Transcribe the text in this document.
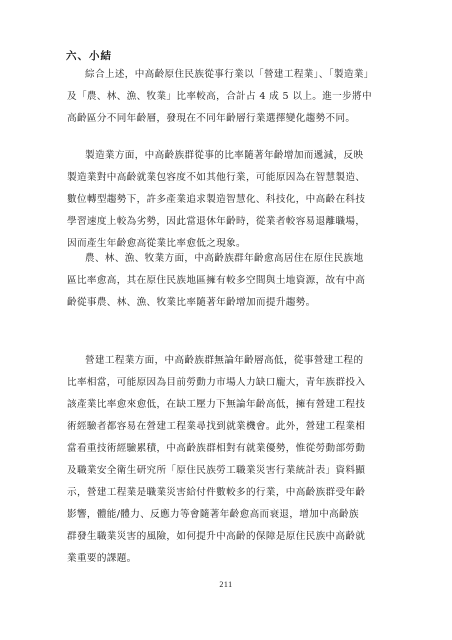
六、小結
綜合上述，中高齡原住民族從事行業以「營建工程業」、「製造業」
及「農、林、漁、牧業」比率較高，合計占 4 成 5 以上。進一步將中
高齡區分不同年齡層，發現在不同年齡層行業選擇變化趨勢不同。
製造業方面，中高齡族群從事的比率隨著年齡增加而遞減，反映
製造業對中高齡就業包容度不如其他行業，可能原因為在智慧製造、
數位轉型趨勢下，許多產業追求製造智慧化、科技化，中高齡在科技
學習速度上較為劣勢，因此當退休年齡時，從業者較容易退離職場，
因而產生年齡愈高從業比率愈低之現象。
農、林、漁、牧業方面，中高齡族群年齡愈高居住在原住民族地
區比率愈高，其在原住民族地區擁有較多空間與土地資源，故有中高
齡從事農、林、漁、牧業比率隨著年齡增加而提升趨勢。
營建工程業方面，中高齡族群無論年齡層高低，從事營建工程的
比率相當，可能原因為目前勞動力市場人力缺口龐大，青年族群投入
該產業比率愈來愈低，在缺工壓力下無論年齡高低，擁有營建工程技
術經驗者都容易在營建工程業尋找到就業機會。此外，營建工程業相
當看重技術經驗累積，中高齡族群相對有就業優勢，惟從勞動部勞動
及職業安全衛生研究所「原住民族勞工職業災害行業統計表」資料顯
示，營建工程業是職業災害給付件數較多的行業，中高齡族群受年齡
影響，體能/體力、反應力等會隨著年齡愈高而衰退，增加中高齡族
群發生職業災害的風險，如何提升中高齡的保障是原住民族中高齡就
業重要的課題。
211
